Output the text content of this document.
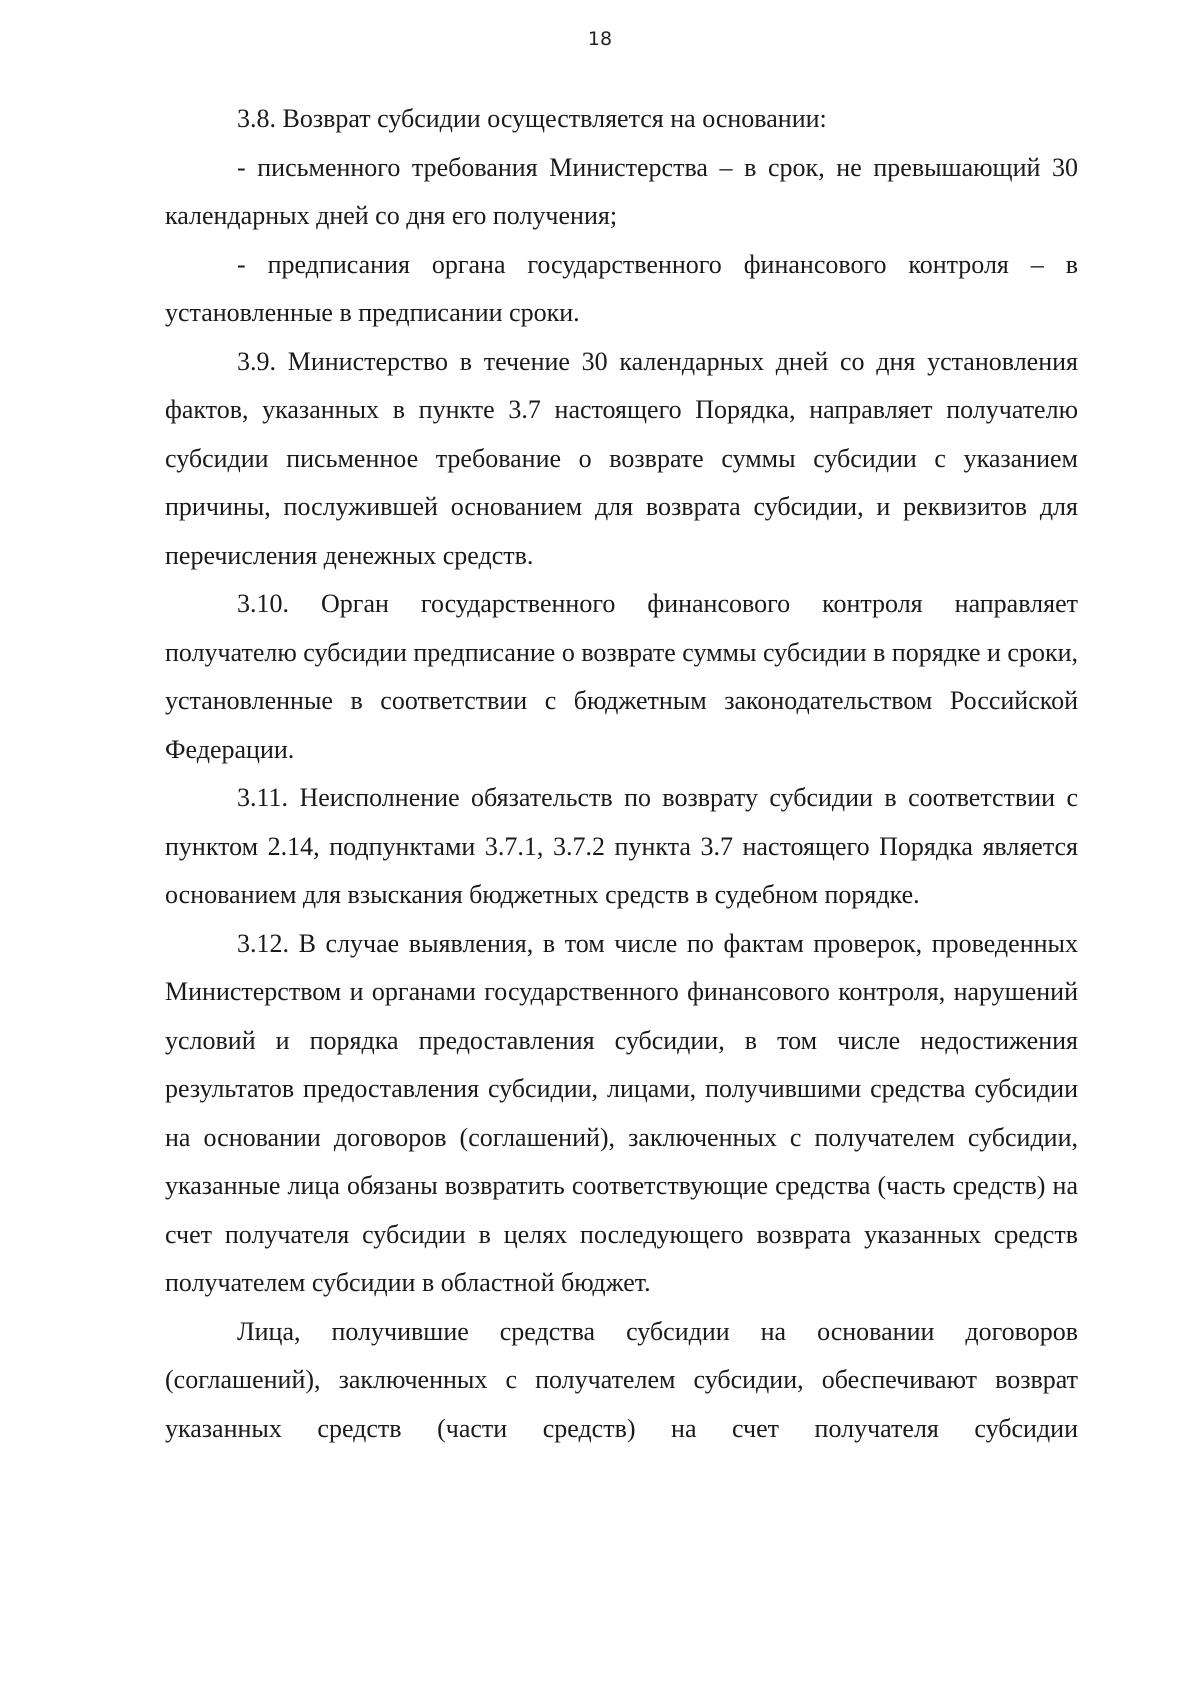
18

3.8. Возврат субсидии осуществляется на основании:

- письменного требования Министерства – в срок, не превышающий 30 календарных дней со дня его получения;

- предписания органа государственного финансового контроля – в установленные в предписании сроки.

3.9. Министерство в течение 30 календарных дней со дня установления фактов, указанных в пункте 3.7 настоящего Порядка, направляет получателю субсидии письменное требование о возврате суммы субсидии с указанием причины, послужившей основанием для возврата субсидии, и реквизитов для перечисления денежных средств.

3.10. Орган государственного финансового контроля направляет получателю субсидии предписание о возврате суммы субсидии в порядке и сроки, установленные в соответствии с бюджетным законодательством Российской Федерации.

3.11. Неисполнение обязательств по возврату субсидии в соответствии с пунктом 2.14, подпунктами 3.7.1, 3.7.2 пункта 3.7 настоящего Порядка является основанием для взыскания бюджетных средств в судебном порядке.

3.12. В случае выявления, в том числе по фактам проверок, проведенных Министерством и органами государственного финансового контроля, нарушений условий и порядка предоставления субсидии, в том числе недостижения результатов предоставления субсидии, лицами, получившими средства субсидии на основании договоров (соглашений), заключенных с получателем субсидии, указанные лица обязаны возвратить соответствующие средства (часть средств) на счет получателя субсидии в целях последующего возврата указанных средств получателем субсидии в областной бюджет.

Лица, получившие средства субсидии на основании договоров (соглашений), заключенных с получателем субсидии, обеспечивают возврат указанных средств (части средств) на счет получателя субсидии
